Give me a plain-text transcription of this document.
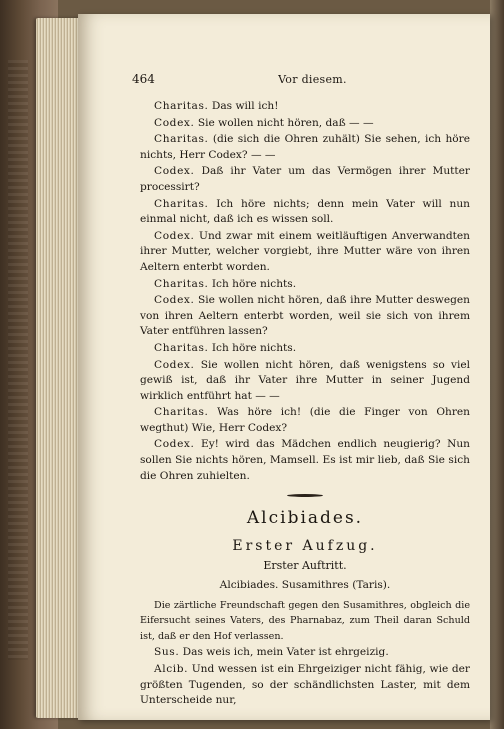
464	Vor diesem.

Charitas. Das will ich!

Codex. Sie wollen nicht hören, daß — —

Charitas. (die sich die Ohren zuhält) Sie sehen, ich höre nichts, Herr Codex? — —

Codex. Daß ihr Vater um das Vermögen ihrer Mutter processirt?

Charitas. Ich höre nichts; denn mein Vater will nun einmal nicht, daß ich es wissen soll.

Codex. Und zwar mit einem weitläuftigen Anverwandten ihrer Mutter, welcher vorgiebt, ihre Mutter wäre von ihren Aeltern enterbt worden.

Charitas. Ich höre nichts.

Codex. Sie wollen nicht hören, daß ihre Mutter deswegen von ihren Aeltern enterbt worden, weil sie sich von ihrem Vater entführen lassen?

Charitas. Ich höre nichts.

Codex. Sie wollen nicht hören, daß wenigstens so viel gewiß ist, daß ihr Vater ihre Mutter in seiner Jugend wirklich entführt hat — —

Charitas. Was höre ich! (die die Finger von Ohren wegthut) Wie, Herr Codex?

Codex. Ey! wird das Mädchen endlich neugierig? Nun sollen Sie nichts hören, Mamsell. Es ist mir lieb, daß Sie sich die Ohren zuhielten.

Alcibiades.
Erster Aufzug.
Erster Auftritt.
Alcibiades. Susamithres (Taris).

Die zärtliche Freundschaft gegen den Susamithres, obgleich die Eifersucht seines Vaters, des Pharnabaz, zum Theil daran Schuld ist, daß er den Hof verlassen.

Sus. Das weis ich, mein Vater ist ehrgeizig.

Alcib. Und wessen ist ein Ehrgeiziger nicht fähig, wie der größten Tugenden, so der schändlichsten Laster, mit dem Unterscheide nur,
